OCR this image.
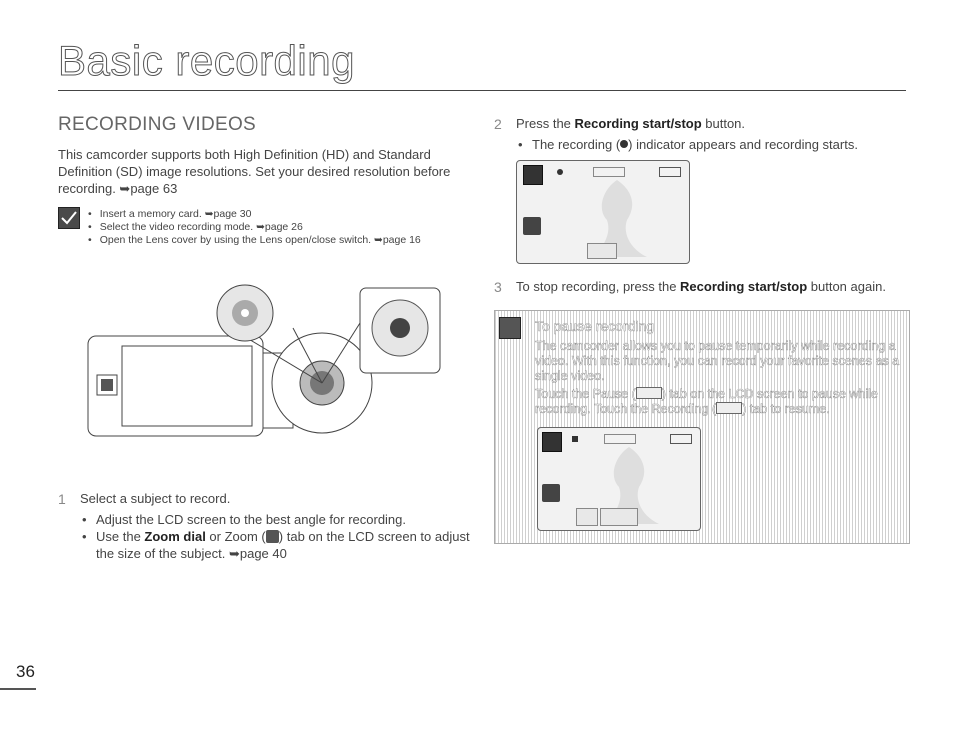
Basic recording
RECORDING VIDEOS
This camcorder supports both High Definition (HD) and Standard Definition (SD) image resolutions. Set your desired resolution before recording. ➥page 63
• Insert a memory card. ➥page 30
• Select the video recording mode. ➥page 26
• Open the Lens cover by using the Lens open/close switch. ➥page 16
1 Select a subject to record.
• Adjust the LCD screen to the best angle for recording.
• Use the Zoom dial or Zoom ( ) tab on the LCD screen to adjust the size of the subject. ➥page 40
2 Press the Recording start/stop button.
• The recording ( ) indicator appears and recording starts.
3 To stop recording, press the Recording start/stop button again.
To pause recording
The camcorder allows you to pause temporarily while recording a video. With this function, you can record your favorite scenes as a single video.
Touch the Pause ( ) tab on the LCD screen to pause while recording. Touch the Recording ( ) tab to resume.
36
